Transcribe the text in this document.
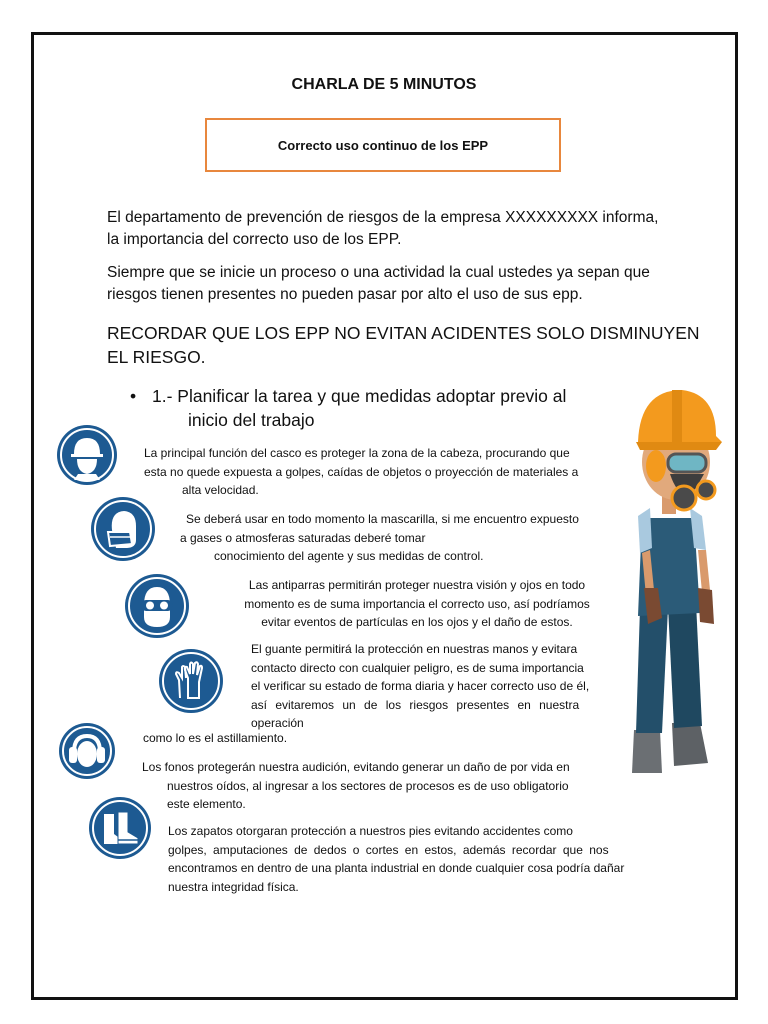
CHARLA DE 5 MINUTOS
Correcto uso continuo de los EPP
El departamento de prevención de riesgos de la empresa XXXXXXXXX informa,
la importancia del correcto uso de los EPP.
Siempre que se inicie un proceso o una actividad la cual ustedes ya sepan que
riesgos tienen presentes no pueden pasar por alto el uso de sus epp.
RECORDAR QUE LOS EPP NO EVITAN ACIDENTES SOLO DISMINUYEN
EL RIESGO.
• 1.- Planificar la tarea y que medidas adoptar previo al
inicio del trabajo
La principal función del casco es proteger la zona de la cabeza, procurando que
esta no quede expuesta a golpes, caídas de objetos o proyección de materiales a
alta velocidad.
Se deberá usar en todo momento la mascarilla, si me encuentro expuesto
a gases o atmosferas saturadas deberé tomar
conocimiento del agente y sus medidas de control.
Las antiparras permitirán proteger nuestra visión y ojos en todo
momento es de suma importancia el correcto uso, así podríamos
evitar eventos de partículas en los ojos y el daño de estos.
El guante permitirá la protección en nuestras manos y evitara
contacto directo con cualquier peligro, es de suma importancia
el verificar su estado de forma diaria y hacer correcto uso de él,
así evitaremos un de los riesgos presentes en nuestra
operación
como lo es el astillamiento.
Los fonos protegerán nuestra audición, evitando generar un daño de por vida en
nuestros oídos, al ingresar a los sectores de procesos es de uso obligatorio
este elemento.
Los zapatos otorgaran protección a nuestros pies evitando accidentes como
golpes, amputaciones de dedos o cortes en estos, además recordar que nos
encontramos en dentro de una planta industrial en donde cualquier cosa podría dañar
nuestra integridad física.
